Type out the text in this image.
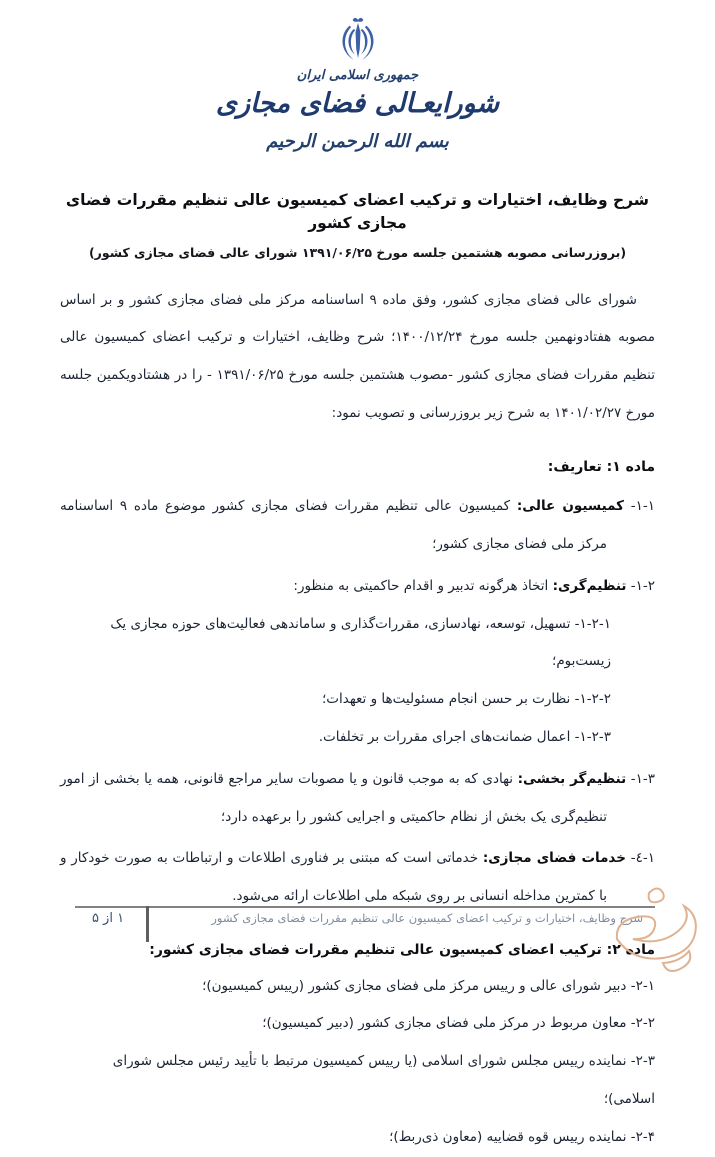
جمهوری اسلامی ایران
شورایعـالی فضای مجازی
بسم الله الرحمن الرحیم
شرح وظایف، اختیارات و ترکیب اعضای کمیسیون عالی تنظیم مقررات فضای مجازی کشور
(بروزرسانی مصوبه هشتمین جلسه مورخ ۱۳۹۱/۰۶/۲۵ شورای عالی فضای مجازی کشور)
شورای عالی فضای مجازی کشور، وفق ماده ۹ اساسنامه مرکز ملی فضای مجازی کشور و بر اساس مصوبه هفتادونهمین جلسه مورخ ۱۴۰۰/۱۲/۲۴؛ شرح وظایف، اختیارات و ترکیب اعضای کمیسیون عالی تنظیم مقررات فضای مجازی کشور -مصوب هشتمین جلسه مورخ ۱۳۹۱/۰۶/۲۵ - را در هشتادویکمین جلسه مورخ ۱۴۰۱/۰۲/۲۷ به شرح زیر بروزرسانی و تصویب نمود:
ماده ۱: تعاریف:
۱-۱- کمیسیون عالی: کمیسیون عالی تنظیم مقررات فضای مجازی کشور موضوع ماده ۹ اساسنامه مرکز ملی فضای مجازی کشور؛
۱-۲- تنظیم‌گری: اتخاذ هرگونه تدبیر و اقدام حاکمیتی به منظور:
۱-۲-۱- تسهیل، توسعه، نهادسازی، مقررات‌گذاری و ساماندهی فعالیت‌های حوزه مجازی یک زیست‌بوم؛
۱-۲-۲- نظارت بر حسن انجام مسئولیت‌ها و تعهدات؛
۱-۲-۳- اعمال ضمانت‌های اجرای مقررات بر تخلفات.
۱-۳- تنظیم‌گر بخشی: نهادی که به موجب قانون و یا مصوبات سایر مراجع قانونی، همه یا بخشی از امور تنظیم‌گری یک بخش از نظام حاکمیتی و اجرایی کشور را برعهده دارد؛
۱-٤- خدمات فضای مجازی: خدماتی است که مبتنی بر فناوری اطلاعات و ارتباطات به صورت خودکار و با کمترین مداخله انسانی بر روی شبکه ملی اطلاعات ارائه می‌شود.
ماده ۲: ترکیب اعضای کمیسیون عالی تنظیم مقررات فضای مجازی کشور:
۲-۱- دبیر شورای عالی و رییس مرکز ملی فضای مجازی کشور (رییس کمیسیون)؛
۲-۲- معاون مربوط در مرکز ملی فضای مجازی کشور (دبیر کمیسیون)؛
۲-۳- نماینده رییس مجلس شورای اسلامی (یا رییس کمیسیون مرتبط با تأیید رئیس مجلس شورای اسلامی)؛
۲-۴- نماینده رییس قوه قضاییه (معاون ذی‌ربط)؛
۱ از ۵	شرح وظایف، اختیارات و ترکیب اعضای کمیسیون عالی تنظیم مقررات فضای مجازی کشور
